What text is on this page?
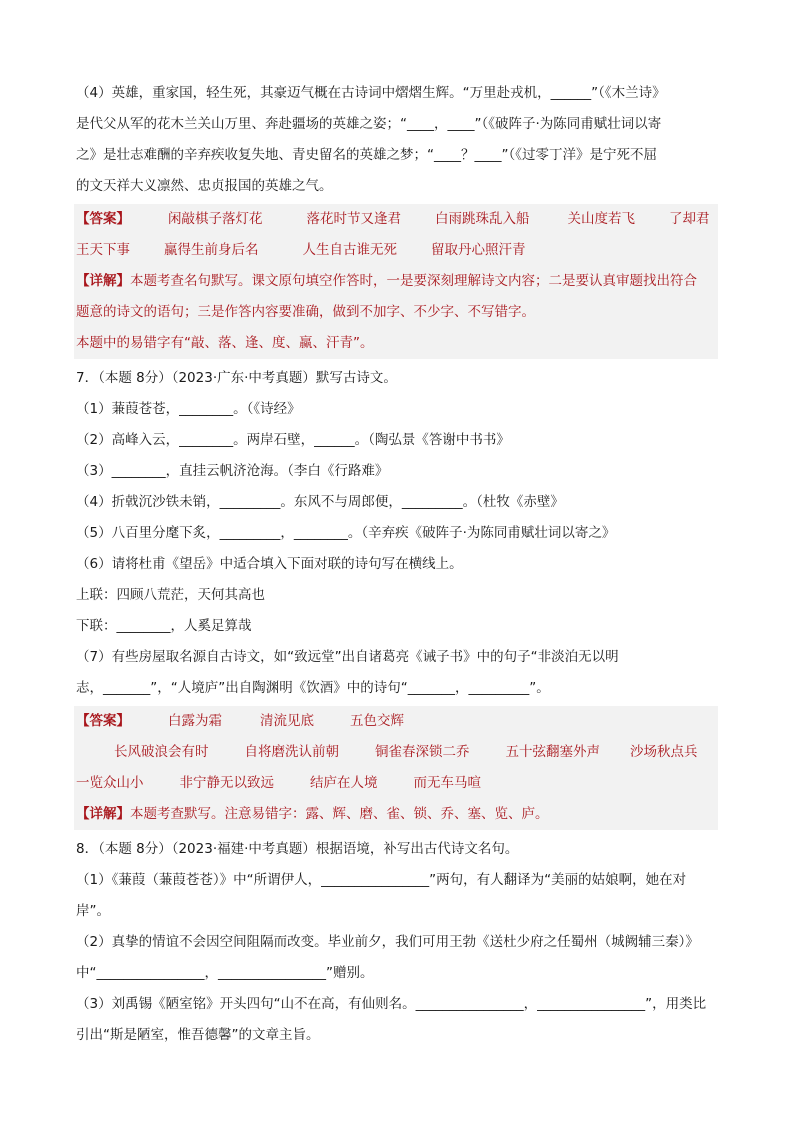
（4）英雄，重家国，轻生死，其豪迈气概在古诗词中熠熠生辉。“万里赴戎机，______”（《木兰诗》
是代父从军的花木兰关山万里、奔赴疆场的英雄之姿；“____，____”（《破阵子·为陈同甫赋壮词以寄
之》是壮志难酬的辛弃疾收复失地、青史留名的英雄之梦；“____？____”（《过零丁洋》是宁死不屈
的文天祥大义凛然、忠贞报国的英雄之气。
【答案】	闲敲棋子落灯花	落花时节又逢君	白雨跳珠乱入船	关山度若飞	了却君
王天下事	赢得生前身后名	人生自古谁无死	留取丹心照汗青
【详解】本题考查名句默写。课文原句填空作答时，一是要深刻理解诗文内容；二是要认真审题找出符合
题意的诗文的语句；三是作答内容要准确，做到不加字、不少字、不写错字。
本题中的易错字有“敲、落、逢、度、赢、汗青”。
7．（本题 8分）（2023·广东·中考真题）默写古诗文。
（1）蒹葭苍苍，________。（《诗经》
（2）高峰入云，________。两岸石壁，______。（陶弘景《答谢中书书》
（3）________，直挂云帆济沧海。（李白《行路难》
（4）折戟沉沙铁未销，_________。东风不与周郎便，_________。（杜牧《赤壁》
（5）八百里分麾下炙，_________，________。（辛弃疾《破阵子·为陈同甫赋壮词以寄之》
（6）请将杜甫《望岳》中适合填入下面对联的诗句写在横线上。
上联：四顾八荒茫，天何其高也
下联：________，人奚足算哉
（7）有些房屋取名源自古诗文，如“致远堂”出自诸葛亮《诫子书》中的句子“非淡泊无以明
志，_______”，“人境庐”出自陶渊明《饮酒》中的诗句“_______，_________”。
【答案】	白露为霜	清流见底	五色交辉
长风破浪会有时	自将磨洗认前朝	铜雀春深锁二乔	五十弦翻塞外声 沙场秋点兵
一览众山小	非宁静无以致远	结庐在人境	而无车马喧
【详解】本题考查默写。注意易错字：露、辉、磨、雀、锁、乔、塞、览、庐。
8．（本题 8分）（2023·福建·中考真题）根据语境，补写出古代诗文名句。
（1）《蒹葭（蒹葭苍苍）》中“所谓伊人，________________”两句，有人翻译为“美丽的姑娘啊，她在对
岸”。
（2）真挚的情谊不会因空间阻隔而改变。毕业前夕，我们可用王勃《送杜少府之任蜀州（城阙辅三秦）》
中“________________，________________”赠别。
（3）刘禹锡《陋室铭》开头四句“山不在高，有仙则名。________________，________________”，用类比
引出“斯是陋室，惟吾德馨”的文章主旨。
